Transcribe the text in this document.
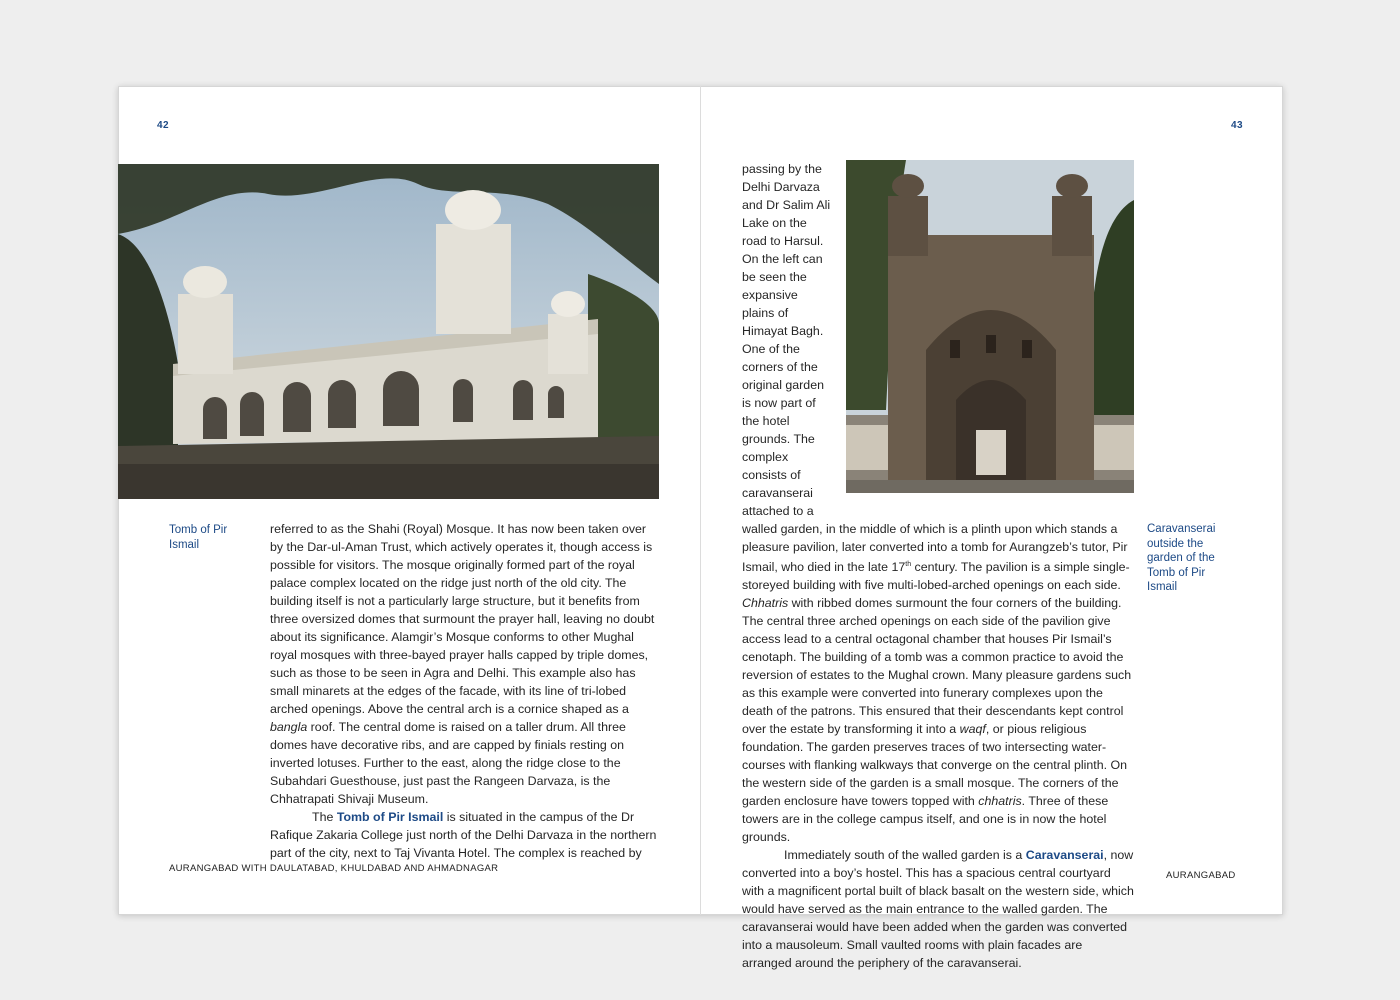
42
Tomb of Pir Ismail

referred to as the Shahi (Royal) Mosque. It has now been taken over by the Dar-ul-Aman Trust, which actively operates it, though access is possible for visitors. The mosque originally formed part of the royal palace complex located on the ridge just north of the old city. The building itself is not a particularly large structure, but it benefits from three oversized domes that surmount the prayer hall, leaving no doubt about its significance. Alamgir’s Mosque conforms to other Mughal royal mosques with three-bayed prayer halls capped by triple domes, such as those to be seen in Agra and Delhi. This example also has small minarets at the edges of the facade, with its line of tri-lobed arched openings. Above the central arch is a cornice shaped as a bangla roof. The central dome is raised on a taller drum. All three domes have decorative ribs, and are capped by finials resting on inverted lotuses. Further to the east, along the ridge close to the Subahdari Guesthouse, just past the Rangeen Darvaza, is the Chhatrapati Shivaji Museum.

The Tomb of Pir Ismail is situated in the campus of the Dr Rafique Zakaria College just north of the Delhi Darvaza in the northern part of the city, next to Taj Vivanta Hotel. The complex is reached by

AURANGABAD WITH DAULATABAD, KHULDABAD AND AHMADNAGAR
43
Caravanserai outside the garden of the Tomb of Pir Ismail

passing by the Delhi Darvaza and Dr Salim Ali Lake on the road to Harsul. On the left can be seen the expansive plains of Himayat Bagh. One of the corners of the original garden is now part of the hotel grounds. The complex consists of caravanserai attached to a walled garden, in the middle of which is a plinth upon which stands a pleasure pavilion, later converted into a tomb for Aurangzeb’s tutor, Pir Ismail, who died in the late 17th century. The pavilion is a simple single-storeyed building with five multi-lobed-arched openings on each side. Chhatris with ribbed domes surmount the four corners of the building. The central three arched openings on each side of the pavilion give access lead to a central octagonal chamber that houses Pir Ismail’s cenotaph. The building of a tomb was a common practice to avoid the reversion of estates to the Mughal crown. Many pleasure gardens such as this example were converted into funerary complexes upon the death of the patrons. This ensured that their descendants kept control over the estate by transforming it into a waqf, or pious religious foundation. The garden preserves traces of two intersecting water-courses with flanking walkways that converge on the central plinth. On the western side of the garden is a small mosque. The corners of the garden enclosure have towers topped with chhatris. Three of these towers are in the college campus itself, and one is in now the hotel grounds.

Immediately south of the walled garden is a Caravanserai, now converted into a boy’s hostel. This has a spacious central courtyard with a magnificent portal built of black basalt on the western side, which would have served as the main entrance to the walled garden. The caravanserai would have been added when the garden was converted into a mausoleum. Small vaulted rooms with plain facades are arranged around the periphery of the caravanserai.

AURANGABAD
